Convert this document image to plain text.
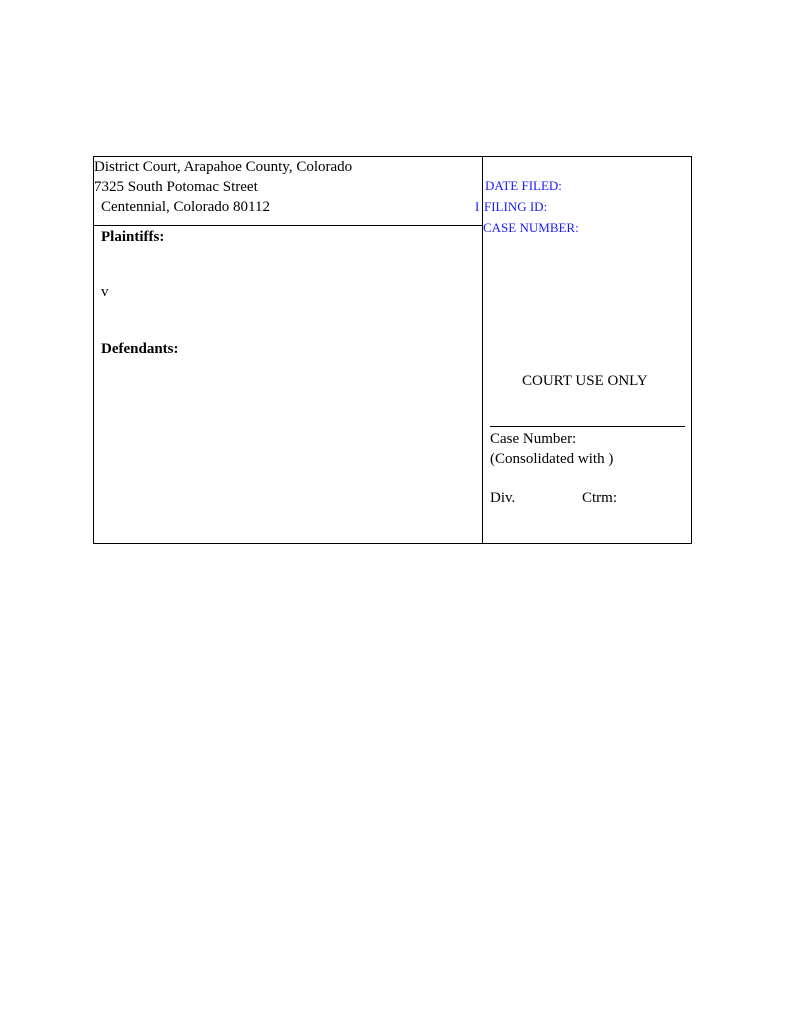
District Court, Arapahoe County, Colorado
7325 South Potomac Street
Centennial, Colorado 80112
Plaintiffs:
v
Defendants:
DATE FILED:
I FILING ID:
CASE NUMBER:
COURT USE ONLY
Case Number:
(Consolidated with )
Div.	Ctrm:
